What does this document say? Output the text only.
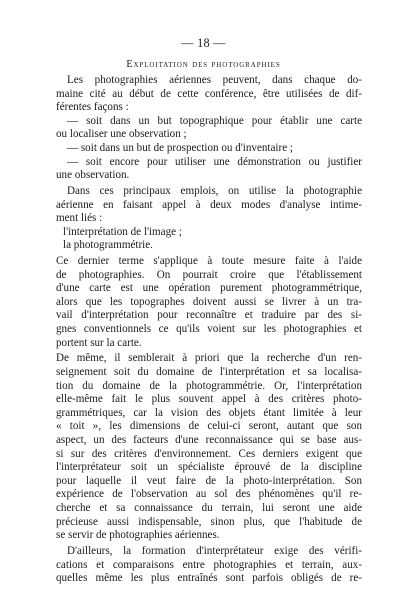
— 18 —
Exploitation des photographies
Les photographies aériennes peuvent, dans chaque do-
maine cité au début de cette conférence, être utilisées de dif-
férentes façons :
— soit dans un but topographique pour établir une carte
ou localiser une observation ;
— soit dans un but de prospection ou d'inventaire ;
— soit encore pour utiliser une démonstration ou justifier
une observation.
Dans ces principaux emplois, on utilise la photographie
aérienne en faisant appel à deux modes d'analyse intime-
ment liés :
l'interprétation de l'image ;
la photogrammétrie.
Ce dernier terme s'applique à toute mesure faite à l'aide
de photographies. On pourrait croire que l'établissement
d'une carte est une opération purement photogrammétrique,
alors que les topographes doivent aussi se livrer à un tra-
vail d'interprétation pour reconnaître et traduire par des si-
gnes conventionnels ce qu'ils voient sur les photographies et
portent sur la carte.
De même, il semblerait à priori que la recherche d'un ren-
seignement soit du domaine de l'interprétation et sa localisa-
tion du domaine de la photogrammétrie. Or, l'interprétation
elle-même fait le plus souvent appel à des critères photo-
grammétriques, car la vision des objets étant limitée à leur
« toit », les dimensions de celui-ci seront, autant que son
aspect, un des facteurs d'une reconnaissance qui se base aus-
si sur des critères d'environnement. Ces derniers exigent que
l'interprétateur soit un spécialiste éprouvé de la discipline
pour laquelle il veut faire de la photo-interprétation. Son
expérience de l'observation au sol des phénomènes qu'il re-
cherche et sa connaissance du terrain, lui seront une aide
précieuse aussi indispensable, sinon plus, que l'habitude de
se servir de photographies aériennes.
D'ailleurs, la formation d'interprétateur exige des vérifi-
cations et comparaisons entre photographies et terrain, aux-
quelles même les plus entraînés sont parfois obligés de re-
